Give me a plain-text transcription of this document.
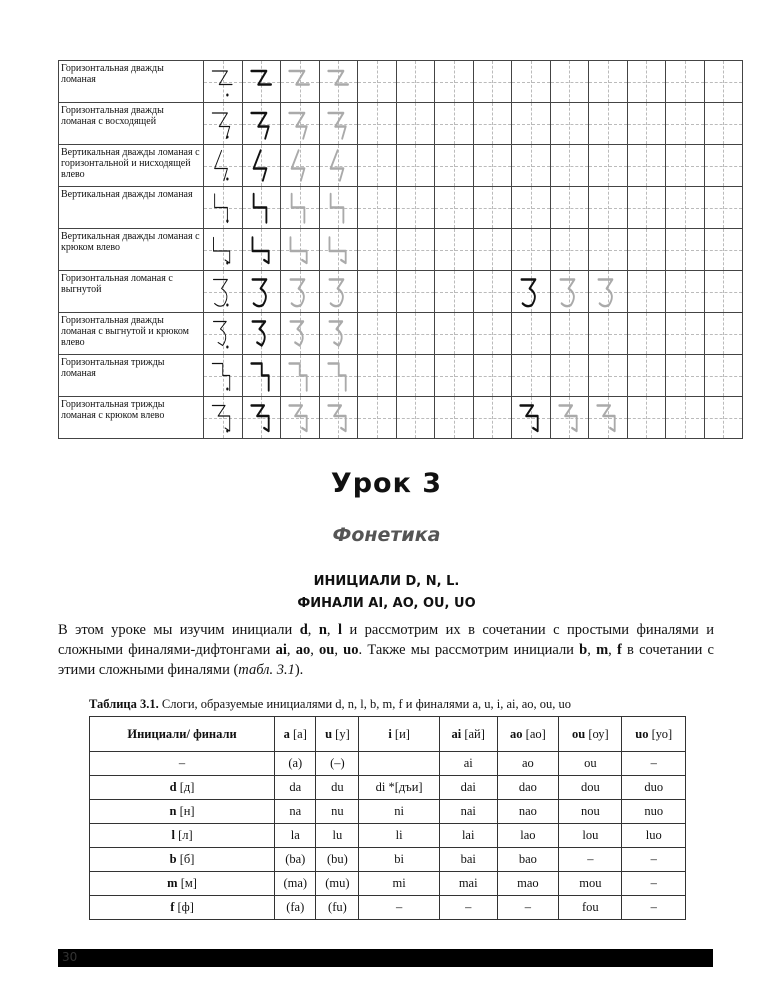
Горизонтальная дважды ломаная	

Горизонтальная дважды ломаная с восходящей	

Вертикальная дважды ломаная с горизонтальной и нисходящей влево	

Вертикальная дважды ломаная	

Вертикальная дважды ломаная с крюком влево	

Горизонтальная ломаная с выгнутой	

Горизонтальная дважды ломаная с выгнутой и крюком влево	

Горизонтальная трижды ломаная	

Горизонтальная трижды ломаная с крюком влево	

Урок 3
Фонетика
ИНИЦИАЛИ D, N, L.
ФИНАЛИ AI, AO, OU, UO
В этом уроке мы изучим инициали d, n, l и рассмотрим их в сочетании с простыми финалями и сложными финалями-дифтонгами ai, ao, ou, uo. Также мы рассмотрим инициали b, m, f в сочетании с этими сложными финалями (табл. 3.1).
Таблица 3.1. Слоги, образуемые инициалями d, n, l, b, m, f и финалями a, u, i, ai, ao, ou, uo
Инициали/ финали	a [а]	u [у]	i [и]	ai [ай]	ao [ао]	ou [оу]	uo [уо]
–	(a)	(–)		ai	ao	ou	–
d [д]	da	du	di *[дъи]	dai	dao	dou	duo
n [н]	na	nu	ni	nai	nao	nou	nuo
l [л]	la	lu	li	lai	lao	lou	luo
b [б]	(ba)	(bu)	bi	bai	bao	–	–
m [м]	(ma)	(mu)	mi	mai	mao	mou	–
f [ф]	(fa)	(fu)	–	–	–	fou	–
30
